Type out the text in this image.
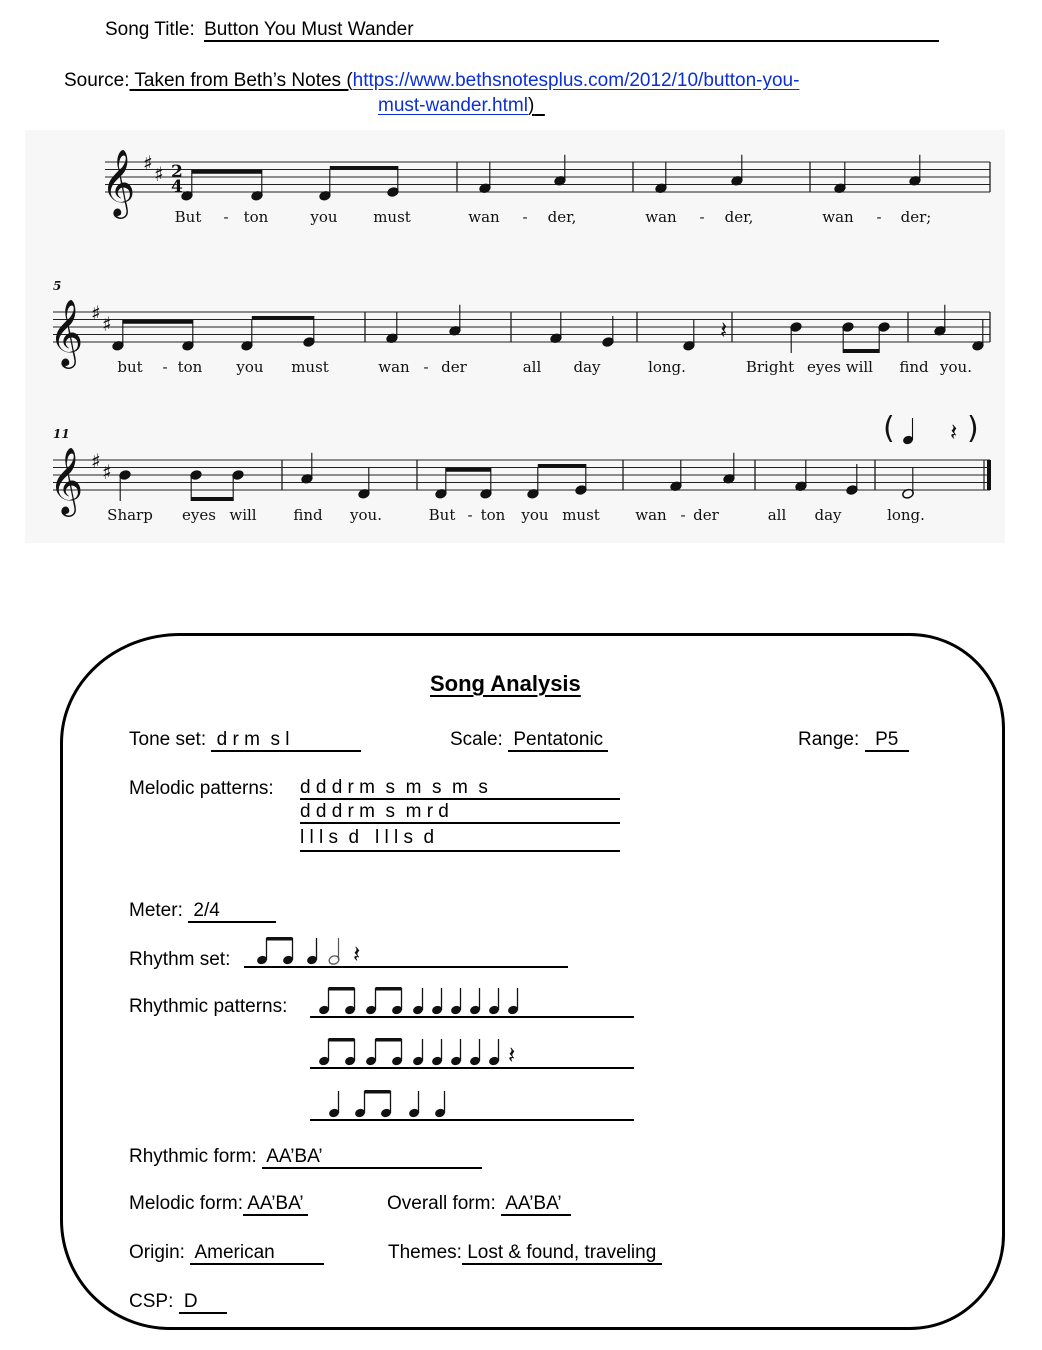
Song Title: Button You Must Wander
Source: Taken from Beth’s Notes (https://www.bethsnotesplus.com/2012/10/button-you-
must-wander.html)
𝄞 ♯ ♯ 2
4
But - ton	you must	wan - der,	wan - der,	wan - der;
𝄞 ♯ ♯
5
𝄽
but - ton you must	wan - der	all day	long.	Bright eyes will find you.
𝄞 ♯ ♯
11
Sharp eyes will find you.	But - ton you must wan - der	all day	long.
( 𝄽 )
Song Analysis
Tone set:  d r m  s l	Scale:  Pentatonic	Range:   P5
Melodic patterns: d d d r m  s  m  s  m  s
d d d r m  s  m r d
l l l s  d   l l l s  d
Meter:  2/4
Rhythm set:	𝄽
Rhythmic patterns:
𝄽
Rhythmic form:  AA’BA’
Melodic form: AA’BA’	Overall form:  AA’BA’
Origin:  American	Themes: Lost & found, traveling
CSP:  D
